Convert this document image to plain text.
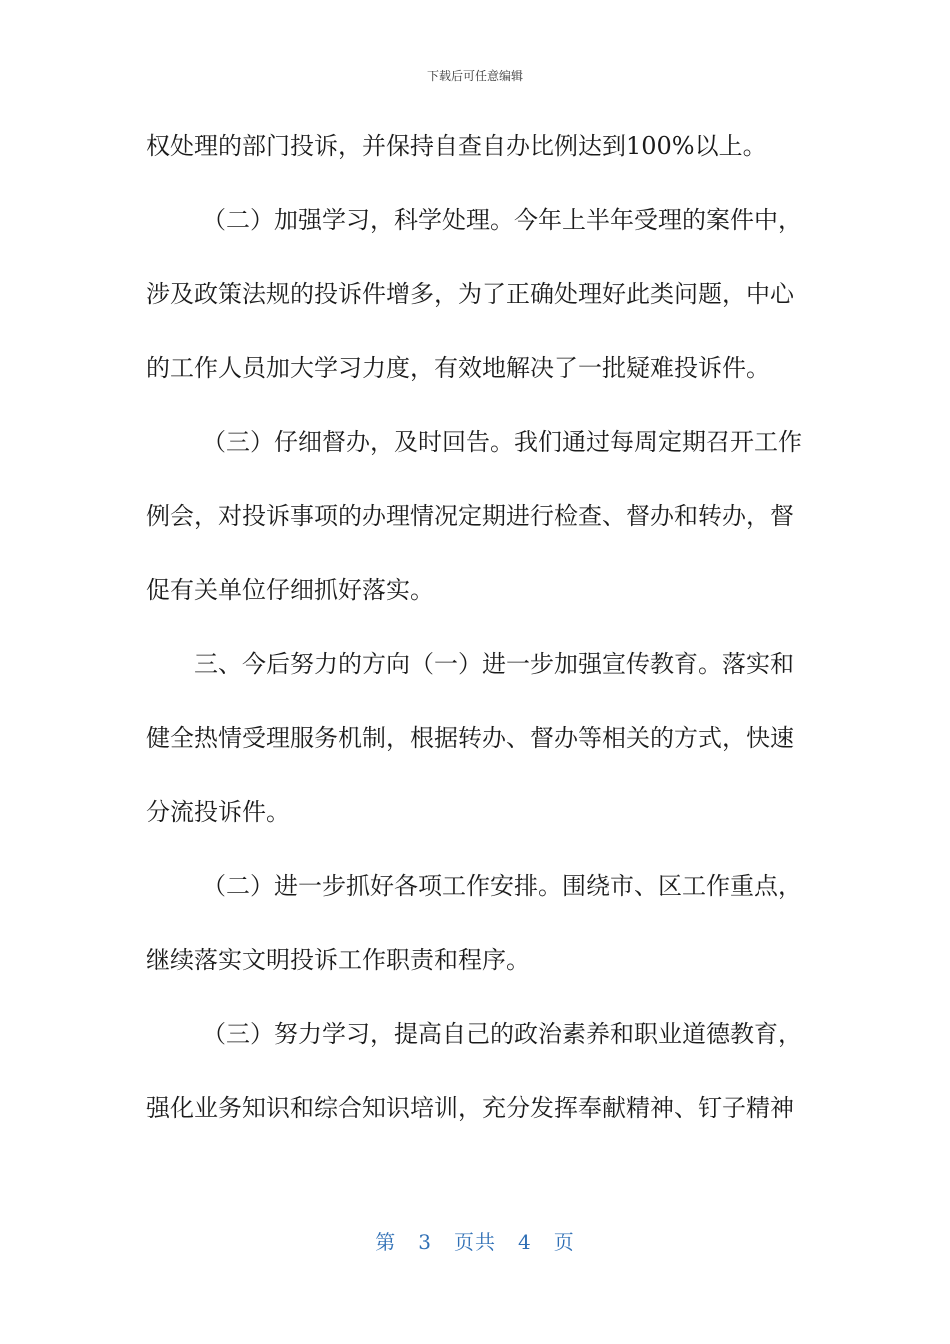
下载后可任意编辑
权处理的部门投诉，并保持自查自办比例达到100%以上。
（二）加强学习，科学处理。今年上半年受理的案件中，
涉及政策法规的投诉件增多，为了正确处理好此类问题，中心
的工作人员加大学习力度，有效地解决了一批疑难投诉件。
（三）仔细督办，及时回告。我们通过每周定期召开工作
例会，对投诉事项的办理情况定期进行检查、督办和转办，督
促有关单位仔细抓好落实。
三、今后努力的方向（一）进一步加强宣传教育。落实和
健全热情受理服务机制，根据转办、督办等相关的方式，快速
分流投诉件。
（二）进一步抓好各项工作安排。围绕市、区工作重点，
继续落实文明投诉工作职责和程序。
（三）努力学习，提高自己的政治素养和职业道德教育，
强化业务知识和综合知识培训，充分发挥奉献精神、钉子精神
第 3 页共 4 页
